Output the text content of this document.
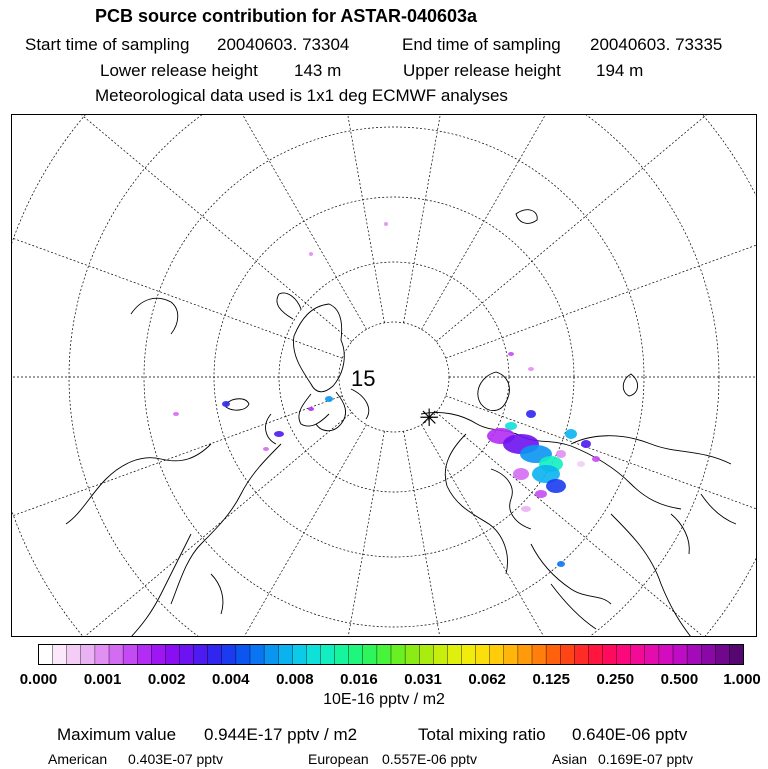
PCB source contribution for ASTAR-040603a
Start time of sampling 20040603. 73304	End time of sampling 20040603. 73335
Lower release height 143 m	Upper release height 194 m
Meteorological data used is 1x1 deg ECMWF analyses
15
✳
0.000 0.001 0.002 0.004 0.008 0.016 0.031 0.062 0.125 0.250 0.500 1.000
10E-16 pptv / m2
Maximum value 0.944E-17 pptv / m2	Total mixing ratio 0.640E-06 pptv
American 0.403E-07 pptv	European 0.557E-06 pptv	Asian 0.169E-07 pptv
